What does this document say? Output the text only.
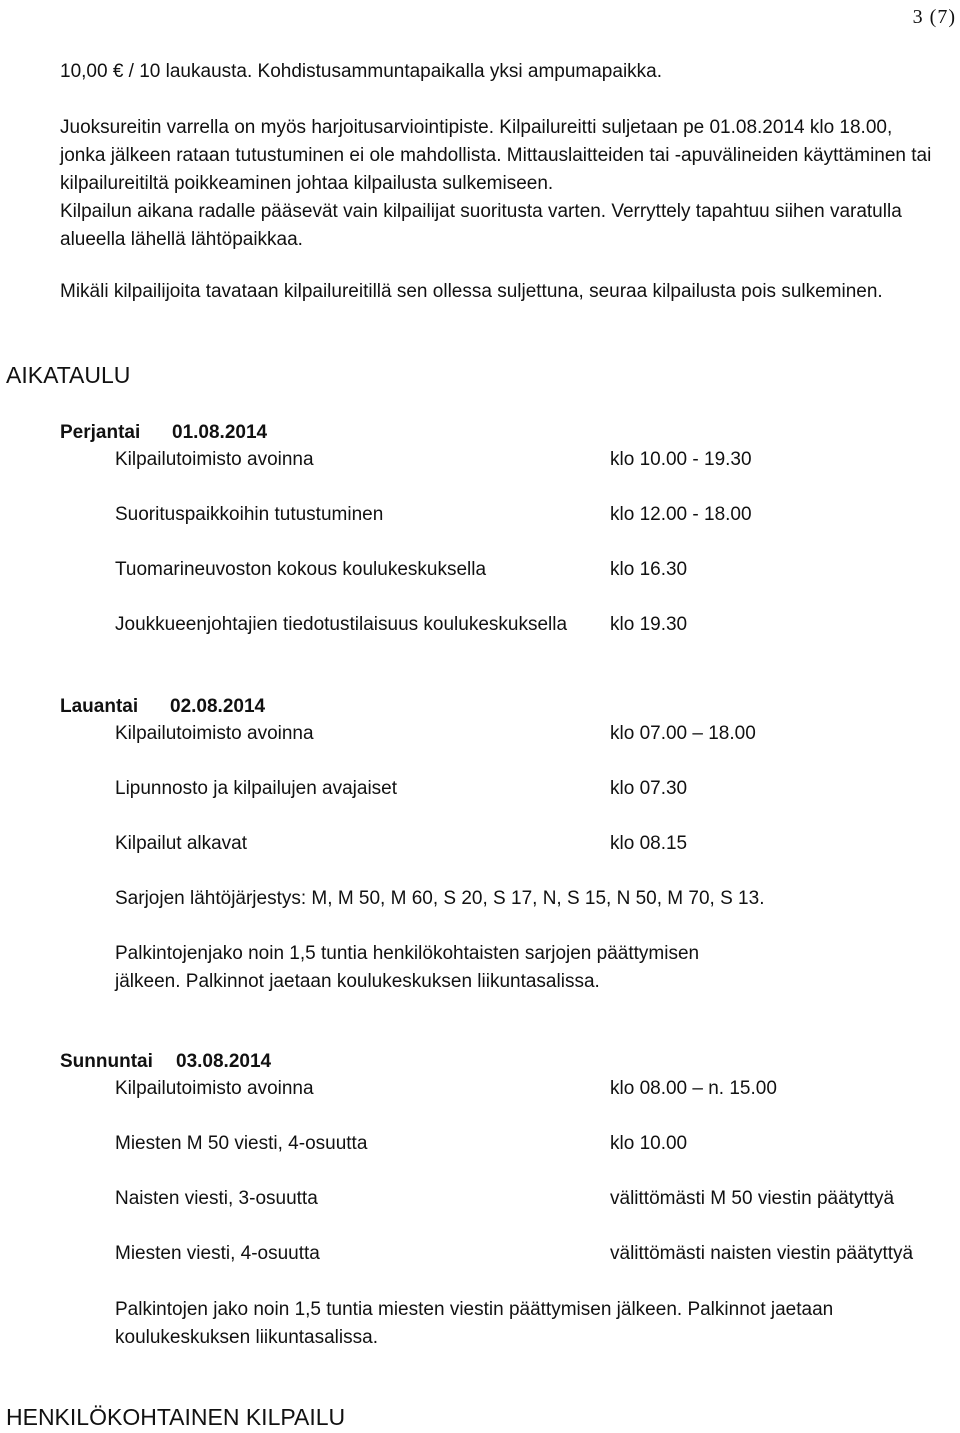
3 (7)
10,00 € / 10 laukausta. Kohdistusammuntapaikalla yksi ampumapaikka.
Juoksureitin varrella on myös harjoitusarviointipiste. Kilpailureitti suljetaan pe 01.08.2014 klo 18.00,
jonka jälkeen rataan tutustuminen ei ole mahdollista. Mittauslaitteiden tai -apuvälineiden käyttäminen tai
kilpailureitiltä poikkeaminen johtaa kilpailusta sulkemiseen.
Kilpailun aikana radalle pääsevät vain kilpailijat suoritusta varten. Verryttely tapahtuu siihen varatulla
alueella lähellä lähtöpaikkaa.
Mikäli kilpailijoita tavataan kilpailureitillä sen ollessa suljettuna, seuraa kilpailusta pois sulkeminen.
AIKATAULU
Perjantai 01.08.2014
Kilpailutoimisto avoinna	klo 10.00 - 19.30
Suorituspaikkoihin tutustuminen	klo 12.00 - 18.00
Tuomarineuvoston kokous koulukeskuksella	klo 16.30
Joukkueenjohtajien tiedotustilaisuus koulukeskuksella klo 19.30
Lauantai 02.08.2014
Kilpailutoimisto avoinna	klo 07.00 – 18.00
Lipunnosto ja kilpailujen avajaiset	klo 07.30
Kilpailut alkavat	klo 08.15
Sarjojen lähtöjärjestys: M, M 50, M 60, S 20, S 17, N, S 15, N 50, M 70, S 13.
Palkintojenjako noin 1,5 tuntia henkilökohtaisten sarjojen päättymisen
jälkeen. Palkinnot jaetaan koulukeskuksen liikuntasalissa.
Sunnuntai 03.08.2014
Kilpailutoimisto avoinna	klo 08.00 – n. 15.00
Miesten M 50 viesti, 4-osuutta	klo 10.00
Naisten viesti, 3-osuutta	välittömästi M 50 viestin päätyttyä
Miesten viesti, 4-osuutta	välittömästi naisten viestin päätyttyä
Palkintojen jako noin 1,5 tuntia miesten viestin päättymisen jälkeen. Palkinnot jaetaan
koulukeskuksen liikuntasalissa.
HENKILÖKOHTAINEN KILPAILU
